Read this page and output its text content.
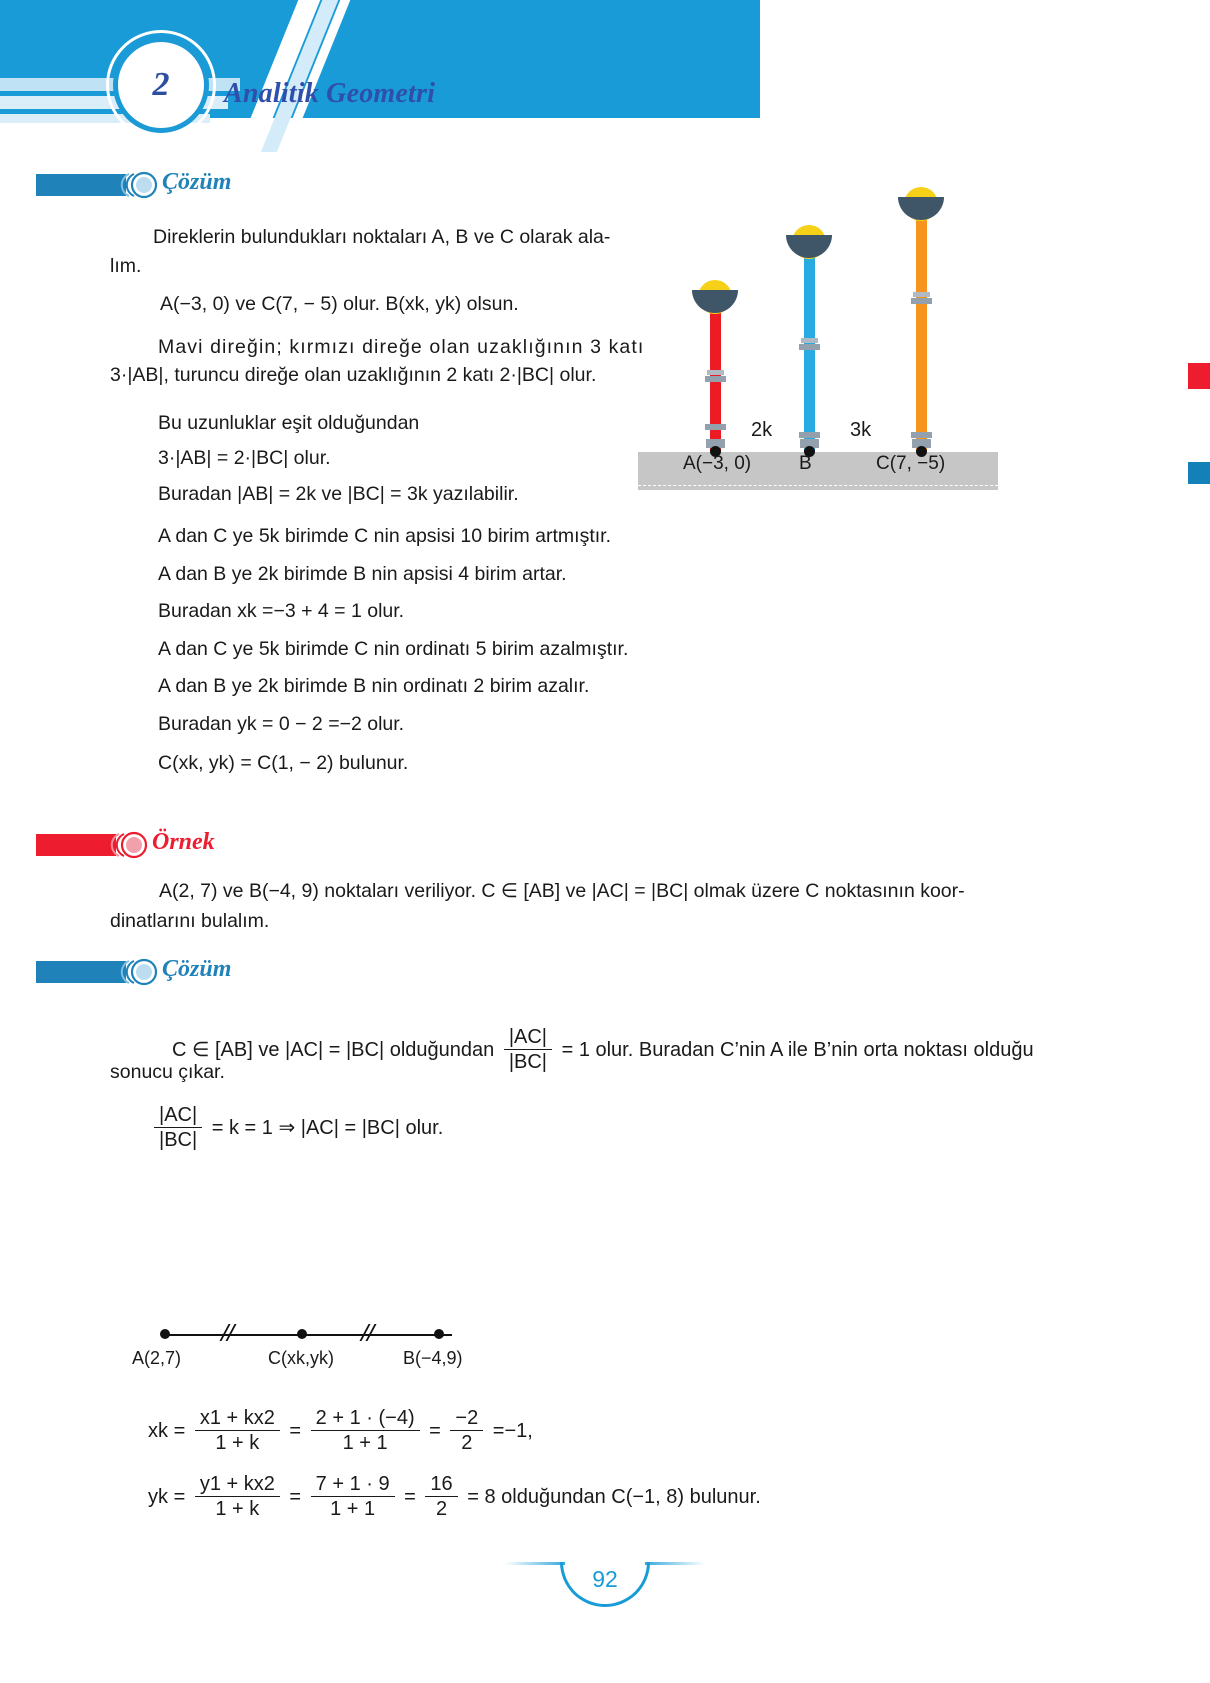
2	Analitik Geometri
Çözüm
Direklerin bulundukları noktaları A, B ve C olarak ala-
lım.
A(−3, 0) ve C(7, − 5) olur. B(xk, yk) olsun.
Mavi direğin; kırmızı direğe olan uzaklığının 3 katı
3·|AB|, turuncu direğe olan uzaklığının 2 katı 2·|BC| olur.
Bu uzunluklar eşit olduğundan
3·|AB| = 2·|BC| olur.
Buradan |AB| = 2k ve |BC| = 3k yazılabilir.
A dan C ye 5k birimde C nin apsisi 10 birim artmıştır.
A dan B ye 2k birimde B nin apsisi 4 birim artar.
Buradan xk =−3 + 4 = 1 olur.
A dan C ye 5k birimde C nin ordinatı 5 birim azalmıştır.
A dan B ye 2k birimde B nin ordinatı 2 birim azalır.
Buradan yk = 0 − 2 =−2 olur.
C(xk, yk) = C(1, − 2) bulunur.
2k	3k
A(−3, 0)	B	C(7, −5)
Örnek
A(2, 7) ve B(−4, 9) noktaları veriliyor. C ∈ [AB] ve |AC| = |BC| olmak üzere C noktasının koor-
dinatlarını bulalım.
Çözüm
C ∈ [AB] ve |AC| = |BC| olduğundan $\frac{|AC|}{|BC|} = 1$ olur. Buradan C’nin A ile B’nin orta noktası olduğu
sonucu çıkar.
$\frac{|AC|}{|BC|} = k = 1$ ⇒ |AC| = |BC| olur.
A(2,7)	C(xk,yk)	B(−4,9)
xk = $\frac{x1 + kx2}{1 + k} = \frac{2 + 1 \cdot (-4)}{1 + 1} = \frac{-2}{2} =-1$,
yk = $\frac{y1 + kx2}{1 + k} = \frac{7 + 1 \cdot 9}{1 + 1} = \frac{16}{2} = 8$ olduğundan C(−1, 8) bulunur.
92
